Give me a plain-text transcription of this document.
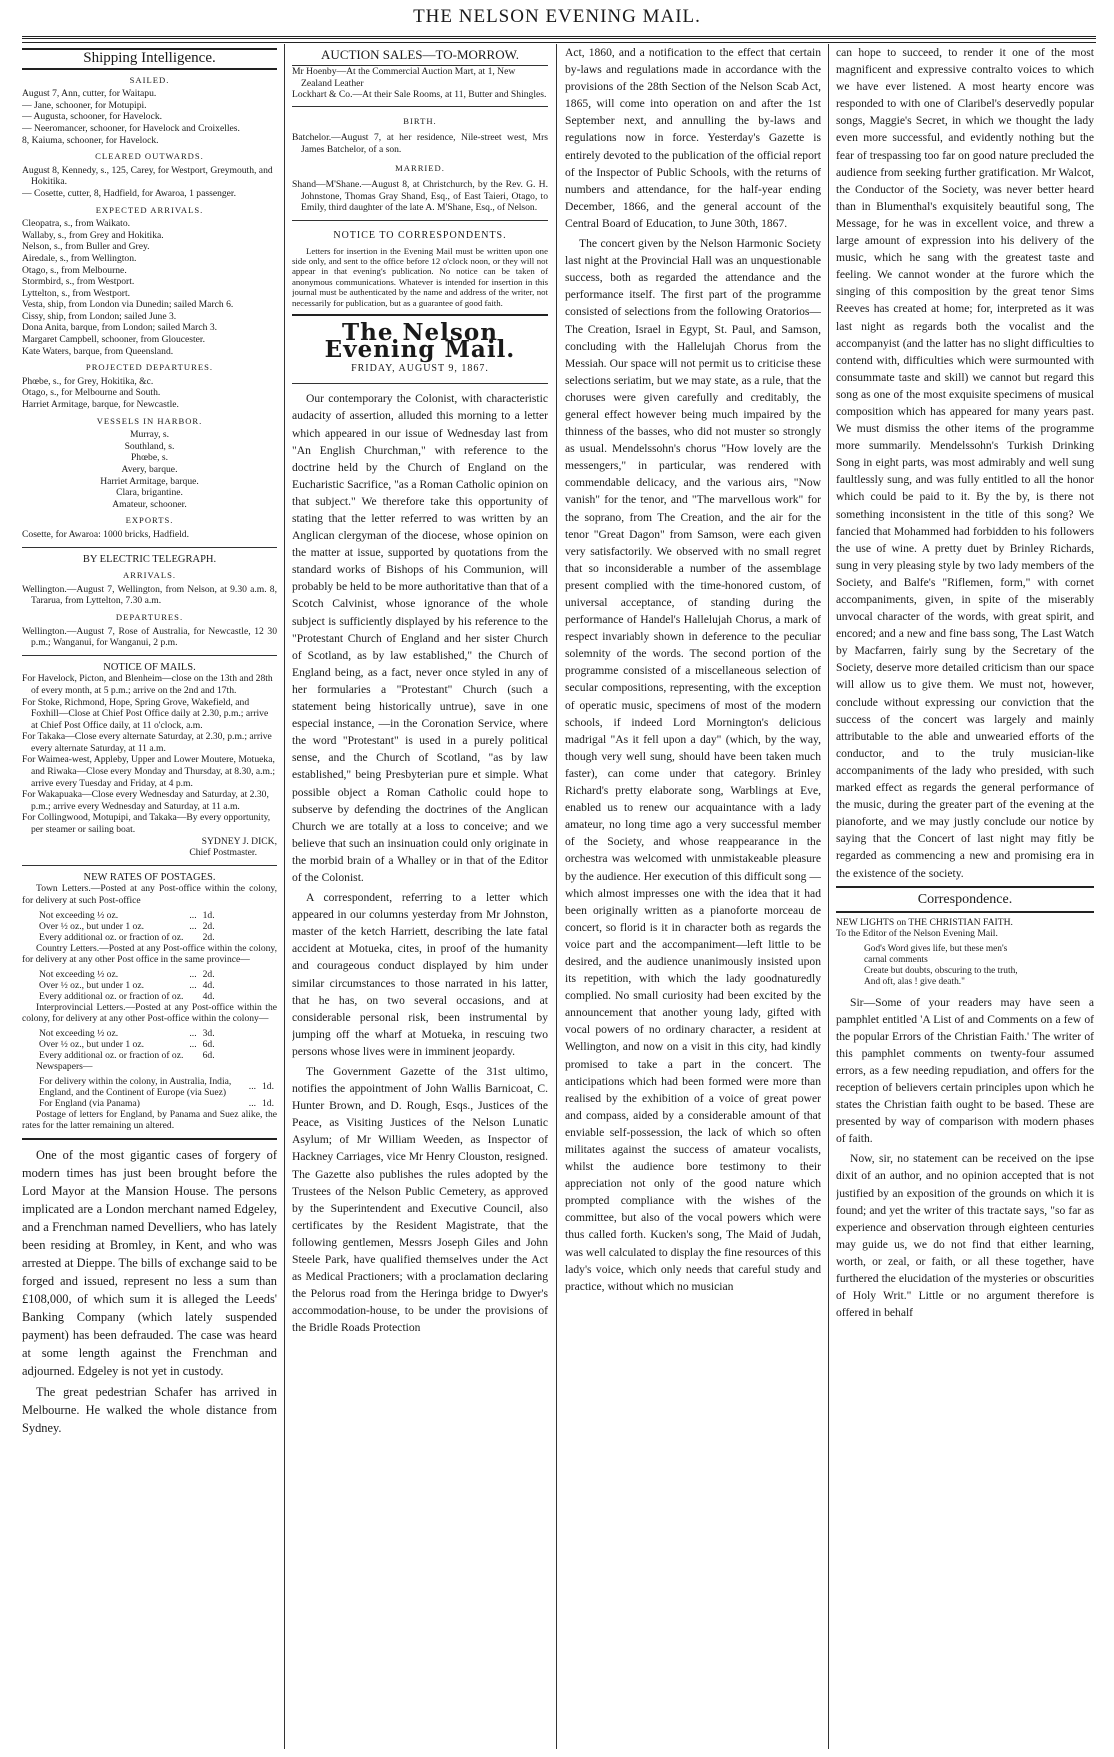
THE NELSON EVENING MAIL.
Shipping Intelligence.
SAILED.
August 7, Ann, cutter, for Waitapu.
— Jane, schooner, for Motupipi.
— Augusta, schooner, for Havelock.
— Neeromancer, schooner, for Havelock and Croixelles.
8, Kaiuma, schooner, for Havelock.
CLEARED OUTWARDS.
August 8, Kennedy, s., 125, Carey, for Westport, Greymouth, and Hokitika.
— Cosette, cutter, 8, Hadfield, for Awaroa, 1 passenger.
EXPECTED ARRIVALS.
Cleopatra, s., from Waikato.
Wallaby, s., from Grey and Hokitika.
Nelson, s., from Buller and Grey.
Airedale, s., from Wellington.
Otago, s., from Melbourne.
Stormbird, s., from Westport.
Lyttelton, s., from Westport.
Vesta, ship, from London via Dunedin; sailed March 6.
Cissy, ship, from London; sailed June 3.
Dona Anita, barque, from London; sailed March 3.
Margaret Campbell, schooner, from Gloucester.
Kate Waters, barque, from Queensland.
PROJECTED DEPARTURES.
Phœbe, s., for Grey, Hokitika, &c.
Otago, s., for Melbourne and South.
Harriet Armitage, barque, for Newcastle.
VESSELS IN HARBOR.
Murray, s.
Southland, s.
Phœbe, s.
Avery, barque.
Harriet Armitage, barque.
Clara, brigantine.
Amateur, schooner.
EXPORTS.

Cosette, for Awaroa: 1000 bricks, Hadfield.

BY ELECTRIC TELEGRAPH.
ARRIVALS.

Wellington.—August 7, Wellington, from Nelson, at 9.30 a.m. 8, Tararua, from Lyttelton, 7.30 a.m.

DEPARTURES.

Wellington.—August 7, Rose of Australia, for Newcastle, 12 30 p.m.; Wanganui, for Wanganui, 2 p.m.

NOTICE OF MAILS.
For Havelock, Picton, and Blenheim—close on the 13th and 28th of every month, at 5 p.m.; arrive on the 2nd and 17th.
For Stoke, Richmond, Hope, Spring Grove, Wakefield, and Foxhill—Close at Chief Post Office daily at 2.30, p.m.; arrive at Chief Post Office daily, at 11 o'clock, a.m.
For Takaka—Close every alternate Saturday, at 2.30, p.m.; arrive every alternate Saturday, at 11 a.m.
For Waimea-west, Appleby, Upper and Lower Moutere, Motueka, and Riwaka—Close every Monday and Thursday, at 8.30, a.m.; arrive every Tuesday and Friday, at 4 p.m.
For Wakapuaka—Close every Wednesday and Saturday, at 2.30, p.m.; arrive every Wednesday and Saturday, at 11 a.m.
For Collingwood, Motupipi, and Takaka—By every opportunity, per steamer or sailing boat.
SYDNEY J. DICK,
Chief Postmaster.
NEW RATES OF POSTAGES.

Town Letters.—Posted at any Post-office within the colony, for delivery at such Post-office

Not exceeding ½ oz.	...	1d.
Over ½ oz., but under 1 oz.	...	2d.
Every additional oz. or fraction of oz.		2d.

Country Letters.—Posted at any Post-office within the colony, for delivery at any other Post office in the same province—

Not exceeding ½ oz.	...	2d.
Over ½ oz., but under 1 oz.	...	4d.
Every additional oz. or fraction of oz.		4d.

Interprovincial Letters.—Posted at any Post-office within the colony, for delivery at any other Post-office within the colony—

Not exceeding ½ oz.	...	3d.
Over ½ oz., but under 1 oz.	...	6d.
Every additional oz. or fraction of oz.		6d.

Newspapers—

For delivery within the colony, in Australia, India, England, and the Continent of Europe (via Suez)	...	1d.
For England (via Panama)	...	1d.

Postage of letters for England, by Panama and Suez alike, the rates for the latter remaining un altered.

One of the most gigantic cases of forgery of modern times has just been brought before the Lord Mayor at the Mansion House. The persons implicated are a London merchant named Edgeley, and a Frenchman named Develliers, who has lately been residing at Bromley, in Kent, and who was arrested at Dieppe. The bills of exchange said to be forged and issued, represent no less a sum than £108,000, of which sum it is alleged the Leeds' Banking Company (which lately suspended payment) has been defrauded. The case was heard at some length against the Frenchman and adjourned. Edgeley is not yet in custody.

The great pedestrian Schafer has arrived in Melbourne. He walked the whole distance from Sydney.

AUCTION SALES—TO-MORROW.
Mr Hoenby—At the Commercial Auction Mart, at 1, New Zealand Leather
Lockhart & Co.—At their Sale Rooms, at 11, Butter and Shingles.
BIRTH.

Batchelor.—August 7, at her residence, Nile-street west, Mrs James Batchelor, of a son.

MARRIED.

Shand—M'Shane.—August 8, at Christchurch, by the Rev. G. H. Johnstone, Thomas Gray Shand, Esq., of East Taieri, Otago, to Emily, third daughter of the late A. M'Shane, Esq., of Nelson.

NOTICE TO CORRESPONDENTS.

Letters for insertion in the Evening Mail must be written upon one side only, and sent to the office before 12 o'clock noon, or they will not appear in that evening's publication. No notice can be taken of anonymous communications. Whatever is intended for insertion in this journal must be authenticated by the name and address of the writer, not necessarily for publication, but as a guarantee of good faith.

The Nelson Evening Mail.
FRIDAY, AUGUST 9, 1867.

Our contemporary the Colonist, with characteristic audacity of assertion, alluded this morning to a letter which appeared in our issue of Wednesday last from "An English Churchman," with reference to the doctrine held by the Church of England on the Eucharistic Sacrifice, "as a Roman Catholic opinion on that subject." We therefore take this opportunity of stating that the letter referred to was written by an Anglican clergyman of the diocese, whose opinion on the matter at issue, supported by quotations from the standard works of Bishops of his Communion, will probably be held to be more authoritative than that of a Scotch Calvinist, whose ignorance of the whole subject is sufficiently displayed by his reference to the "Protestant Church of England and her sister Church of Scotland, as by law established," the Church of England being, as a fact, never once styled in any of her formularies a "Protestant" Church (such a statement being historically untrue), save in one especial instance, —in the Coronation Service, where the word "Protestant" is used in a purely political sense, and the Church of Scotland, "as by law established," being Presbyterian pure et simple. What possible object a Roman Catholic could hope to subserve by defending the doctrines of the Anglican Church we are totally at a loss to conceive; and we believe that such an insinuation could only originate in the morbid brain of a Whalley or in that of the Editor of the Colonist.

A correspondent, referring to a letter which appeared in our columns yesterday from Mr Johnston, master of the ketch Harriett, describing the late fatal accident at Motueka, cites, in proof of the humanity and courageous conduct displayed by him under similar circumstances to those narrated in his latter, that he has, on two several occasions, and at considerable personal risk, been instrumental by jumping off the wharf at Motueka, in rescuing two persons whose lives were in imminent jeopardy.

The Government Gazette of the 31st ultimo, notifies the appointment of John Wallis Barnicoat, C. Hunter Brown, and D. Rough, Esqs., Justices of the Peace, as Visiting Justices of the Nelson Lunatic Asylum; of Mr William Weeden, as Inspector of Hackney Carriages, vice Mr Henry Clouston, resigned. The Gazette also publishes the rules adopted by the Trustees of the Nelson Public Cemetery, as approved by the Superintendent and Executive Council, also certificates by the Resident Magistrate, that the following gentlemen, Messrs Joseph Giles and John Steele Park, have qualified themselves under the Act as Medical Practioners; with a proclamation declaring the Pelorus road from the Heringa bridge to Dwyer's accommodation-house, to be under the provisions of the Bridle Roads Protection

Act, 1860, and a notification to the effect that certain by-laws and regulations made in accordance with the provisions of the 28th Section of the Nelson Scab Act, 1865, will come into operation on and after the 1st September next, and annulling the by-laws and regulations now in force. Yesterday's Gazette is entirely devoted to the publication of the official report of the Inspector of Public Schools, with the returns of numbers and attendance, for the half-year ending December, 1866, and the general account of the Central Board of Education, to June 30th, 1867.

The concert given by the Nelson Harmonic Society last night at the Provincial Hall was an unquestionable success, both as regarded the attendance and the performance itself. The first part of the programme consisted of selections from the following Oratorios—The Creation, Israel in Egypt, St. Paul, and Samson, concluding with the Hallelujah Chorus from the Messiah. Our space will not permit us to criticise these selections seriatim, but we may state, as a rule, that the choruses were given carefully and creditably, the general effect however being much impaired by the thinness of the basses, who did not muster so strongly as usual. Mendelssohn's chorus "How lovely are the messengers," in particular, was rendered with commendable delicacy, and the various airs, "Now vanish" for the tenor, and "The marvellous work" for the soprano, from The Creation, and the air for the tenor "Great Dagon" from Samson, were each given very satisfactorily. We observed with no small regret that so inconsiderable a number of the assemblage present complied with the time-honored custom, of universal acceptance, of standing during the performance of Handel's Hallelujah Chorus, a mark of respect invariably shown in deference to the peculiar solemnity of the words. The second portion of the programme consisted of a miscellaneous selection of secular compositions, representing, with the exception of operatic music, specimens of most of the modern schools, if indeed Lord Mornington's delicious madrigal "As it fell upon a day" (which, by the way, though very well sung, should have been taken much faster), can come under that category. Brinley Richard's pretty elaborate song, Warblings at Eve, enabled us to renew our acquaintance with a lady amateur, no long time ago a very successful member of the Society, and whose reappearance in the orchestra was welcomed with unmistakeable pleasure by the audience. Her execution of this difficult song —which almost impresses one with the idea that it had been originally written as a pianoforte morceau de concert, so florid is it in character both as regards the voice part and the accompaniment—left little to be desired, and the audience unanimously insisted upon its repetition, with which the lady goodnaturedly complied. No small curiosity had been excited by the announcement that another young lady, gifted with vocal powers of no ordinary character, a resident at Wellington, and now on a visit in this city, had kindly promised to take a part in the concert. The anticipations which had been formed were more than realised by the exhibition of a voice of great power and compass, aided by a considerable amount of that enviable self-possession, the lack of which so often militates against the success of amateur vocalists, whilst the audience bore testimony to their appreciation not only of the good nature which prompted compliance with the wishes of the committee, but also of the vocal powers which were thus called forth. Kucken's song, The Maid of Judah, was well calculated to display the fine resources of this lady's voice, which only needs that careful study and practice, without which no musician

can hope to succeed, to render it one of the most magnificent and expressive contralto voices to which we have ever listened. A most hearty encore was responded to with one of Claribel's deservedly popular songs, Maggie's Secret, in which we thought the lady even more successful, and evidently nothing but the fear of trespassing too far on good nature precluded the audience from seeking further gratification. Mr Walcot, the Conductor of the Society, was never better heard than in Blumenthal's exquisitely beautiful song, The Message, for he was in excellent voice, and threw a large amount of expression into his delivery of the music, which he sang with the greatest taste and feeling. We cannot wonder at the furore which the singing of this composition by the great tenor Sims Reeves has created at home; for, interpreted as it was last night as regards both the vocalist and the accompanyist (and the latter has no slight difficulties to contend with, difficulties which were surmounted with consummate taste and skill) we cannot but regard this song as one of the most exquisite specimens of musical composition which has appeared for many years past. We must dismiss the other items of the programme more summarily. Mendelssohn's Turkish Drinking Song in eight parts, was most admirably and well sung faultlessly sung, and was fully entitled to all the honor which could be paid to it. By the by, is there not something inconsistent in the title of this song? We fancied that Mohammed had forbidden to his followers the use of wine. A pretty duet by Brinley Richards, sung in very pleasing style by two lady members of the Society, and Balfe's "Riflemen, form," with cornet accompaniments, given, in spite of the miserably unvocal character of the words, with great spirit, and encored; and a new and fine bass song, The Last Watch by Macfarren, fairly sung by the Secretary of the Society, deserve more detailed criticism than our space will allow us to give them. We must not, however, conclude without expressing our conviction that the success of the concert was largely and mainly attributable to the able and unwearied efforts of the conductor, and to the truly musician-like accompaniments of the lady who presided, with such marked effect as regards the general performance of the music, during the greater part of the evening at the pianoforte, and we may justly conclude our notice by saying that the Concert of last night may fitly be regarded as commencing a new and promising era in the existence of the society.

Correspondence.
NEW LIGHTS on THE CHRISTIAN FAITH.
To the Editor of the Nelson Evening Mail.
God's Word gives life, but these men's
carnal comments
Create but doubts, obscuring to the truth,
And oft, alas ! give death."

Sir—Some of your readers may have seen a pamphlet entitled 'A List of and Comments on a few of the popular Errors of the Christian Faith.' The writer of this pamphlet comments on twenty-four assumed errors, as a few needing repudiation, and offers for the reception of believers certain principles upon which he states the Christian faith ought to be based. These are presented by way of comparison with modern phases of faith.

Now, sir, no statement can be received on the ipse dixit of an author, and no opinion accepted that is not justified by an exposition of the grounds on which it is found; and yet the writer of this tractate says, "so far as experience and observation through eighteen centuries may guide us, we do not find that either learning, worth, or zeal, or faith, or all these together, have furthered the elucidation of the mysteries or obscurities of Holy Writ." Little or no argument therefore is offered in behalf
